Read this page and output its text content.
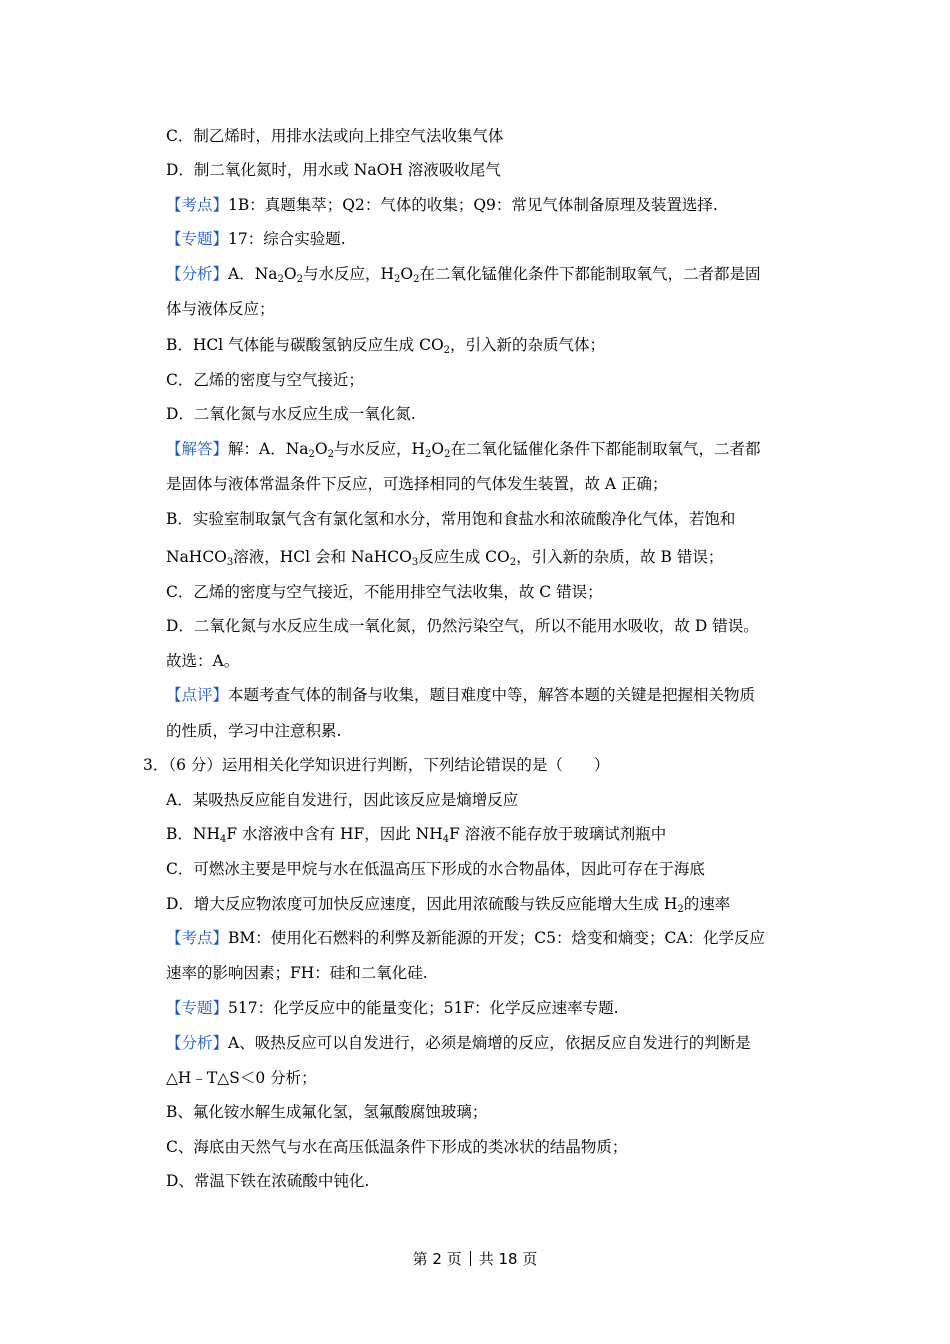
C．制乙烯时，用排水法或向上排空气法收集气体
D．制二氧化氮时，用水或 NaOH 溶液吸收尾气
【考点】1B：真题集萃；Q2：气体的收集；Q9：常见气体制备原理及装置选择.
【专题】17：综合实验题.
【分析】A．$Na_2O_2$与水反应，$H_2O_2$在二氧化锰催化条件下都能制取氧气，二者都是固
体与液体反应；
B．HCl 气体能与碳酸氢钠反应生成 $CO_2$，引入新的杂质气体；
C．乙烯的密度与空气接近；
D．二氧化氮与水反应生成一氧化氮.
【解答】解：A．$Na_2O_2$与水反应，$H_2O_2$在二氧化锰催化条件下都能制取氧气，二者都
是固体与液体常温条件下反应，可选择相同的气体发生装置，故 A 正确；
B．实验室制取氯气含有氯化氢和水分，常用饱和食盐水和浓硫酸净化气体，若饱和
NaHCO$_3$溶液，HCl 会和 NaHCO$_3$反应生成 $CO_2$，引入新的杂质，故 B 错误；
C．乙烯的密度与空气接近，不能用排空气法收集，故 C 错误；
D．二氧化氮与水反应生成一氧化氮，仍然污染空气，所以不能用水吸收，故 D 错误。
故选：A。
【点评】本题考查气体的制备与收集，题目难度中等，解答本题的关键是把握相关物质
的性质，学习中注意积累.
3．（6 分）运用相关化学知识进行判断，下列结论错误的是（　　）
A．某吸热反应能自发进行，因此该反应是熵增反应
B．$NH_4F$ 水溶液中含有 HF，因此 $NH_4F$ 溶液不能存放于玻璃试剂瓶中
C．可燃冰主要是甲烷与水在低温高压下形成的水合物晶体，因此可存在于海底
D．增大反应物浓度可加快反应速度，因此用浓硫酸与铁反应能增大生成 $H_2$的速率
【考点】BM：使用化石燃料的利弊及新能源的开发；C5：焓变和熵变；CA：化学反应
速率的影响因素；FH：硅和二氧化硅.
【专题】517：化学反应中的能量变化；51F：化学反应速率专题.
【分析】A、吸热反应可以自发进行，必须是熵增的反应，依据反应自发进行的判断是
△H﹣T△S＜0 分析；
B、氟化铵水解生成氟化氢，氢氟酸腐蚀玻璃；
C、海底由天然气与水在高压低温条件下形成的类冰状的结晶物质；
D、常温下铁在浓硫酸中钝化.
第 2 页 共 18 页
